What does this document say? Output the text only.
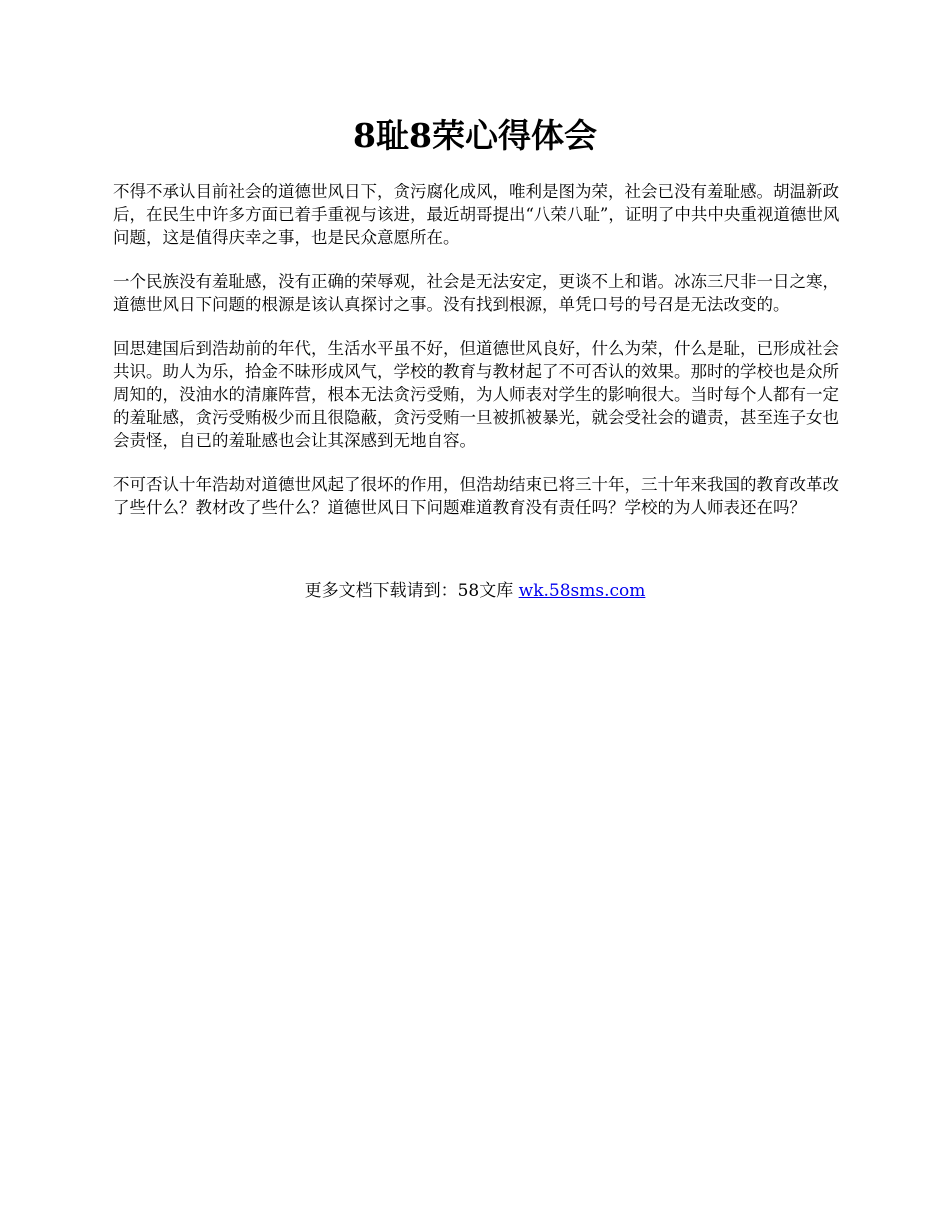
8耻8荣心得体会

不得不承认目前社会的道德世风日下，贪污腐化成风，唯利是图为荣，社会已没有羞耻感。胡温新政后，在民生中许多方面已着手重视与该进，最近胡哥提出“八荣八耻”，证明了中共中央重视道德世风问题，这是值得庆幸之事，也是民众意愿所在。

一个民族没有羞耻感，没有正确的荣辱观，社会是无法安定，更谈不上和谐。冰冻三尺非一日之寒，道德世风日下问题的根源是该认真探讨之事。没有找到根源，单凭口号的号召是无法改变的。

回思建国后到浩劫前的年代，生活水平虽不好，但道德世风良好，什么为荣，什么是耻，已形成社会共识。助人为乐，拾金不昧形成风气，学校的教育与教材起了不可否认的效果。那时的学校也是众所周知的，没油水的清廉阵营，根本无法贪污受贿，为人师表对学生的影响很大。当时每个人都有一定的羞耻感，贪污受贿极少而且很隐蔽，贪污受贿一旦被抓被暴光，就会受社会的谴责，甚至连子女也会责怪，自已的羞耻感也会让其深感到无地自容。

不可否认十年浩劫对道德世风起了很坏的作用，但浩劫结束已将三十年，三十年来我国的教育改革改了些什么？教材改了些什么？道德世风日下问题难道教育没有责任吗？学校的为人师表还在吗？

更多文档下载请到：58文库 wk.58sms.com
